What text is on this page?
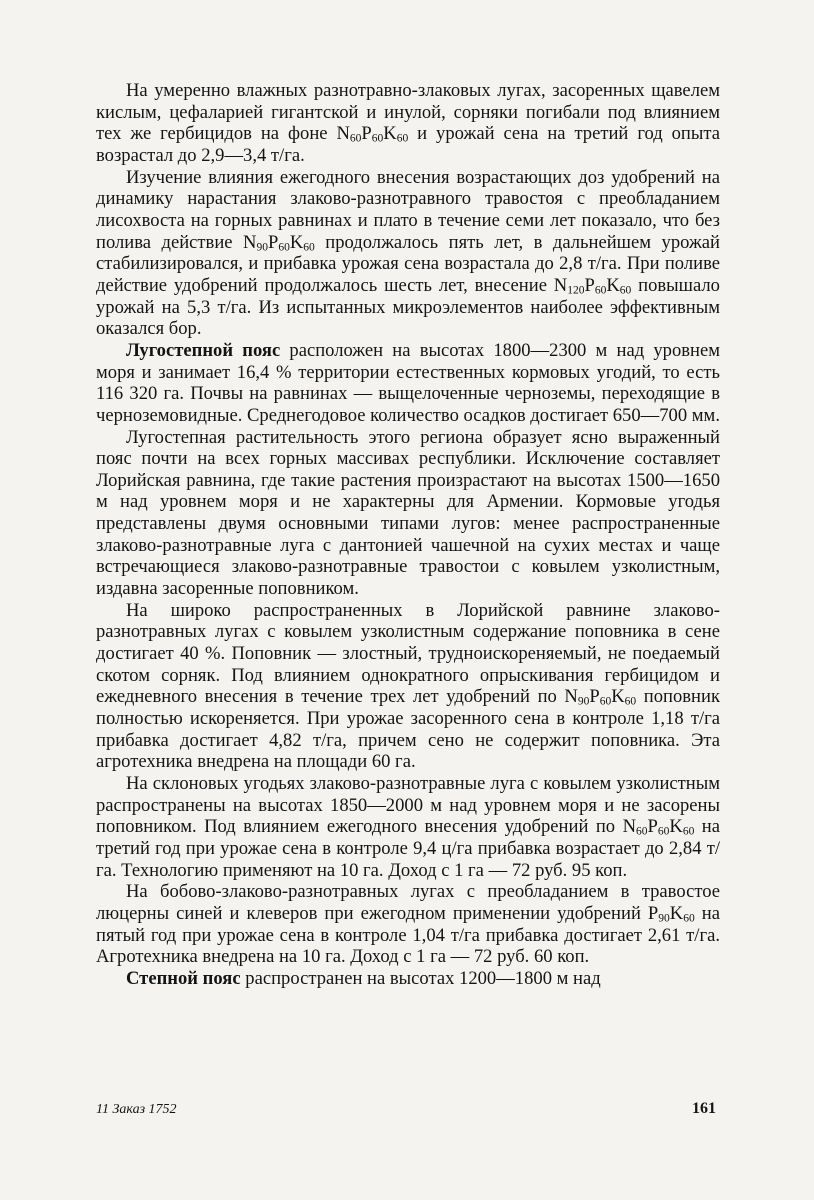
На умеренно влажных разнотравно-злаковых лугах, засоренных щавелем кислым, цефаларией гигантской и инулой, сорняки погибали под влиянием тех же гербицидов на фоне $N_{60}P_{60}K_{60}$ и урожай сена на третий год опыта возрастал до 2,9—3,4 т/га.

Изучение влияния ежегодного внесения возрастающих доз удобрений на динамику нарастания злаково-разнотравного травостоя с преобладанием лисохвоста на горных равнинах и плато в течение семи лет показало, что без полива действие $N_{90}P_{60}K_{60}$ продолжалось пять лет, в дальнейшем урожай стабилизировался, и прибавка урожая сена возрастала до 2,8 т/га. При поливе действие удобрений продолжалось шесть лет, внесение $N_{120}P_{60}K_{60}$ повышало урожай на 5,3 т/га. Из испытанных микроэлементов наиболее эффективным оказался бор.

Лугостепной пояс расположен на высотах 1800—2300 м над уровнем моря и занимает 16,4 % территории естественных кормовых угодий, то есть 116 320 га. Почвы на равнинах — выщелоченные черноземы, переходящие в черноземовидные. Среднегодовое количество осадков достигает 650—700 мм.

Лугостепная растительность этого региона образует ясно выраженный пояс почти на всех горных массивах республики. Исключение составляет Лорийская равнина, где такие растения произрастают на высотах 1500—1650 м над уровнем моря и не характерны для Армении. Кормовые угодья представлены двумя основными типами лугов: менее распространенные злаково-разнотравные луга с дантонией чашечной на сухих местах и чаще встречающиеся злаково-разнотравные травостои с ковылем узколистным, издавна засоренные поповником.

На широко распространенных в Лорийской равнине злаково-разнотравных лугах с ковылем узколистным содержание поповника в сене достигает 40 %. Поповник — злостный, трудноискореняемый, не поедаемый скотом сорняк. Под влиянием однократного опрыскивания гербицидом и ежедневного внесения в течение трех лет удобрений по $N_{90}P_{60}K_{60}$ поповник полностью искореняется. При урожае засоренного сена в контроле 1,18 т/га прибавка достигает 4,82 т/га, причем сено не содержит поповника. Эта агротехника внедрена на площади 60 га.

На склоновых угодьях злаково-разнотравные луга с ковылем узколистным распространены на высотах 1850—2000 м над уровнем моря и не засорены поповником. Под влиянием ежегодного внесения удобрений по $N_{60}P_{60}K_{60}$ на третий год при урожае сена в контроле 9,4 ц/га прибавка возрастает до 2,84 т/га. Технологию применяют на 10 га. Доход с 1 га — 72 руб. 95 коп.

На бобово-злаково-разнотравных лугах с преобладанием в травостое люцерны синей и клеверов при ежегодном применении удобрений $P_{90}K_{60}$ на пятый год при урожае сена в контроле 1,04 т/га прибавка достигает 2,61 т/га. Агротехника внедрена на 10 га. Доход с 1 га — 72 руб. 60 коп.

Степной пояс распространен на высотах 1200—1800 м над

11 Заказ 1752	161
